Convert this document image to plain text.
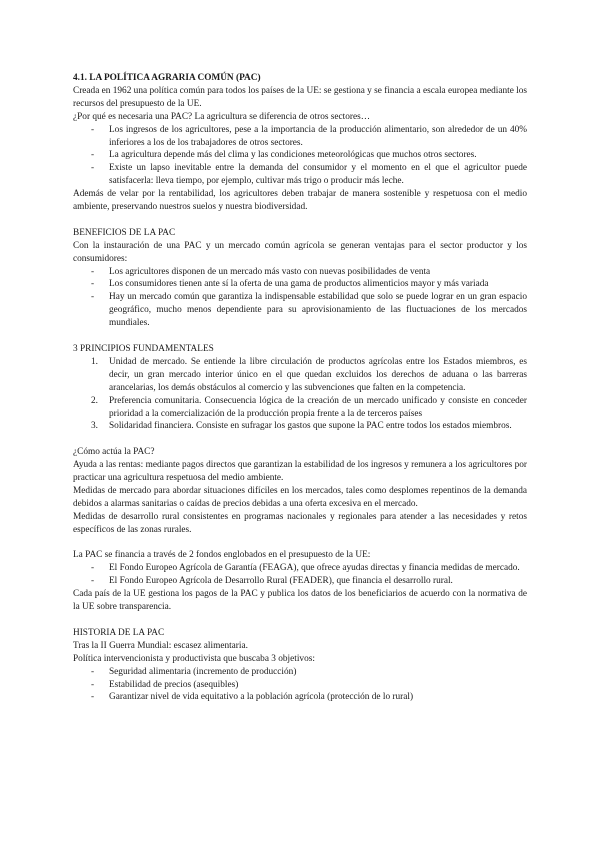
4.1. LA POLÍTICA AGRARIA COMÚN (PAC)

Creada en 1962 una política común para todos los países de la UE: se gestiona y se financia a escala europea mediante los recursos del presupuesto de la UE.

¿Por qué es necesaria una PAC? La agricultura se diferencia de otros sectores…

- Los ingresos de los agricultores, pese a la importancia de la producción alimentario, son alrededor de un 40% inferiores a los de los trabajadores de otros sectores.
- La agricultura depende más del clima y las condiciones meteorológicas que muchos otros sectores.
- Existe un lapso inevitable entre la demanda del consumidor y el momento en el que el agricultor puede satisfacerla: lleva tiempo, por ejemplo, cultivar más trigo o producir más leche.

Además de velar por la rentabilidad, los agricultores deben trabajar de manera sostenible y respetuosa con el medio ambiente, preservando nuestros suelos y nuestra biodiversidad.

BENEFICIOS DE LA PAC

Con la instauración de una PAC y un mercado común agrícola se generan ventajas para el sector productor y los consumidores:

- Los agricultores disponen de un mercado más vasto con nuevas posibilidades de venta
- Los consumidores tienen ante sí la oferta de una gama de productos alimenticios mayor y más variada
- Hay un mercado común que garantiza la indispensable estabilidad que solo se puede lograr en un gran espacio geográfico, mucho menos dependiente para su aprovisionamiento de las fluctuaciones de los mercados mundiales.

3 PRINCIPIOS FUNDAMENTALES

1. Unidad de mercado. Se entiende la libre circulación de productos agrícolas entre los Estados miembros, es decir, un gran mercado interior único en el que quedan excluidos los derechos de aduana o las barreras arancelarias, los demás obstáculos al comercio y las subvenciones que falten en la competencia.
2. Preferencia comunitaria. Consecuencia lógica de la creación de un mercado unificado y consiste en conceder prioridad a la comercialización de la producción propia frente a la de terceros países
3. Solidaridad financiera. Consiste en sufragar los gastos que supone la PAC entre todos los estados miembros.

¿Cómo actúa la PAC?

Ayuda a las rentas: mediante pagos directos que garantizan la estabilidad de los ingresos y remunera a los agricultores por practicar una agricultura respetuosa del medio ambiente.

Medidas de mercado para abordar situaciones difíciles en los mercados, tales como desplomes repentinos de la demanda debidos a alarmas sanitarias o caídas de precios debidas a una oferta excesiva en el mercado.

Medidas de desarrollo rural consistentes en programas nacionales y regionales para atender a las necesidades y retos específicos de las zonas rurales.

La PAC se financia a través de 2 fondos englobados en el presupuesto de la UE:

- El Fondo Europeo Agrícola de Garantía (FEAGA), que ofrece ayudas directas y financia medidas de mercado.
- El Fondo Europeo Agrícola de Desarrollo Rural (FEADER), que financia el desarrollo rural.

Cada país de la UE gestiona los pagos de la PAC y publica los datos de los beneficiarios de acuerdo con la normativa de la UE sobre transparencia.

HISTORIA DE LA PAC

Tras la II Guerra Mundial: escasez alimentaria.

Política intervencionista y productivista que buscaba 3 objetivos:

- Seguridad alimentaria (incremento de producción)
- Estabilidad de precios (asequibles)
- Garantizar nivel de vida equitativo a la población agrícola (protección de lo rural)
